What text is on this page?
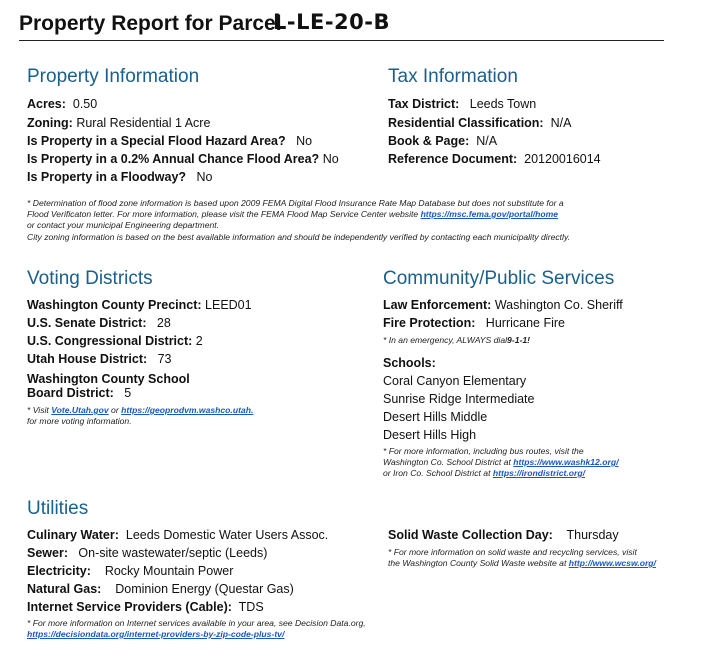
Property Report for Parcel
L-LE-20-B
Property Information
Acres: 0.50
Zoning: Rural Residential 1 Acre
Is Property in a Special Flood Hazard Area? No
Is Property in a 0.2% Annual Chance Flood Area? No
Is Property in a Floodway? No
Tax Information
Tax District: Leeds Town
Residential Classification: N/A
Book & Page: N/A
Reference Document: 20120016014
* Determination of flood zone information is based upon 2009 FEMA Digital Flood Insurance Rate Map Database but does not substitute for a
Flood Verificaton letter. For more information, please visit the FEMA Flood Map Service Center website https://msc.fema.gov/portal/home
or contact your municipal Engineering department.
City zoning information is based on the best available information and should be independently verified by contacting each municipality directly.
Voting Districts
Washington County Precinct: LEED01
U.S. Senate District: 28
U.S. Congressional District: 2
Utah House District: 73
Washington County School
Board District: 5
* Visit Vote.Utah.gov or https://geoprodvm.washco.utah.
for more voting information.
Community/Public Services
Law Enforcement: Washington Co. Sheriff
Fire Protection: Hurricane Fire
* In an emergency, ALWAYS dial9-1-1!
Schools:
Coral Canyon Elementary
Sunrise Ridge Intermediate
Desert Hills Middle
Desert Hills High
* For more information, including bus routes, visit the
Washington Co. School District at https://www.washk12.org/
or Iron Co. School District at https://irondistrict.org/
Utilities
Culinary Water: Leeds Domestic Water Users Assoc.
Sewer: On-site wastewater/septic (Leeds)
Electricity: Rocky Mountain Power
Natural Gas: Dominion Energy (Questar Gas)
Internet Service Providers (Cable): TDS
* For more information on Internet services available in your area, see Decision Data.org,
https://decisiondata.org/internet-providers-by-zip-code-plus-tv/
Solid Waste Collection Day: Thursday
* For more information on solid waste and recycling services, visit
the Washington County Solid Waste website at http://www.wcsw.org/
